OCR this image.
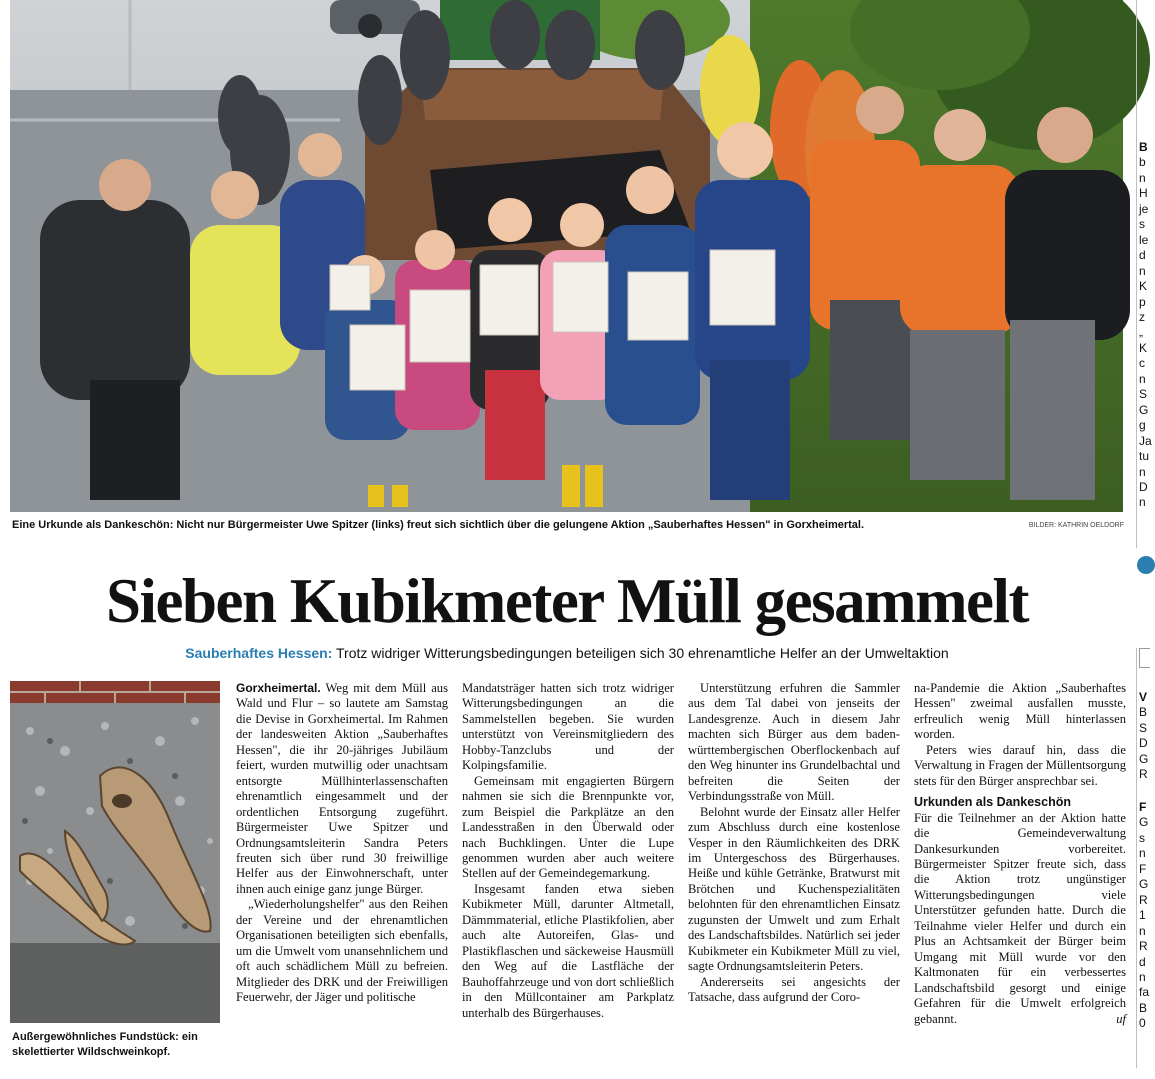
Eine Urkunde als Dankeschön: Nicht nur Bürgermeister Uwe Spitzer (links) freut sich sichtlich über die gelungene Aktion „Sauberhaftes Hessen" in Gorxheimertal.	BILDER: KATHRIN OELDORF
Sieben Kubikmeter Müll gesammelt
Sauberhaftes Hessen: Trotz widriger Witterungsbedingungen beteiligen sich 30 ehrenamtliche Helfer an der Umweltaktion
Außergewöhnliches Fundstück: ein skelettierter Wildschweinkopf.

Gorxheimertal. Weg mit dem Müll aus Wald und Flur – so lautete am Samstag die Devise in Gorxheimertal. Im Rahmen der landesweiten Aktion „Sauberhaftes Hessen", die ihr 20-jähriges Jubiläum feiert, wurden mutwillig oder unachtsam entsorgte Müllhinterlassenschaften ehrenamtlich eingesammelt und der ordentlichen Entsorgung zugeführt. Bürgermeister Uwe Spitzer und Ordnungsamtsleiterin Sandra Peters freuten sich über rund 30 freiwillige Helfer aus der Einwohnerschaft, unter ihnen auch einige ganz junge Bürger.

„Wiederholungshelfer" aus den Reihen der Vereine und der ehrenamtlichen Organisationen beteiligten sich ebenfalls, um die Umwelt vom unansehnlichem und oft auch schädlichem Müll zu befreien. Mitglieder des DRK und der Freiwilligen Feuerwehr, der Jäger und politische

Mandatsträger hatten sich trotz widriger Witterungsbedingungen an die Sammelstellen begeben. Sie wurden unterstützt von Vereinsmitgliedern des Hobby-Tanzclubs und der Kolpingsfamilie.

Gemeinsam mit engagierten Bürgern nahmen sie sich die Brennpunkte vor, zum Beispiel die Parkplätze an den Landesstraßen in den Überwald oder nach Buchklingen. Unter die Lupe genommen wurden aber auch weitere Stellen auf der Gemeindegemarkung.

Insgesamt fanden etwa sieben Kubikmeter Müll, darunter Altmetall, Dämmmaterial, etliche Plastikfolien, aber auch alte Autoreifen, Glas- und Plastikflaschen und säckeweise Hausmüll den Weg auf die Lastfläche der Bauhoffahrzeuge und von dort schließlich in den Müllcontainer am Parkplatz unterhalb des Bürgerhauses.

Unterstützung erfuhren die Sammler aus dem Tal dabei von jenseits der Landesgrenze. Auch in diesem Jahr machten sich Bürger aus dem baden-württembergischen Oberflockenbach auf den Weg hinunter ins Grundelbachtal und befreiten die Seiten der Verbindungsstraße von Müll.

Belohnt wurde der Einsatz aller Helfer zum Abschluss durch eine kostenlose Vesper in den Räumlichkeiten des DRK im Untergeschoss des Bürgerhauses. Heiße und kühle Getränke, Bratwurst mit Brötchen und Kuchenspezialitäten belohnten für den ehrenamtlichen Einsatz zugunsten der Umwelt und zum Erhalt des Landschaftsbildes. Natürlich sei jeder Kubikmeter ein Kubikmeter Müll zu viel, sagte Ordnungsamtsleiterin Peters.

Andererseits sei angesichts der Tatsache, dass aufgrund der Coro-

na-Pandemie die Aktion „Sauberhaftes Hessen" zweimal ausfallen musste, erfreulich wenig Müll hinterlassen worden.

Peters wies darauf hin, dass die Verwaltung in Fragen der Müllentsorgung stets für den Bürger ansprechbar sei.

Urkunden als Dankeschön

Für die Teilnehmer an der Aktion hatte die Gemeindeverwaltung Dankesurkunden vorbereitet. Bürgermeister Spitzer freute sich, dass die Aktion trotz ungünstiger Witterungsbedingungen viele Unterstützer gefunden hatte. Durch die Teilnahme vieler Helfer und durch ein Plus an Achtsamkeit der Bürger beim Umgang mit Müll wurde vor den Kaltmonaten für ein verbessertes Landschaftsbild gesorgt und einige Gefahren für die Umwelt erfolgreich gebannt.	uf

B
b
n
H
je
s
le
d
n
K
p
z
„
K
c
n
S
G
g
Ja
tu
n
D
n
V
B
S
D
G
R
F
G
s
n
F
G
R
1
n
R
d
n
fa
B
0
